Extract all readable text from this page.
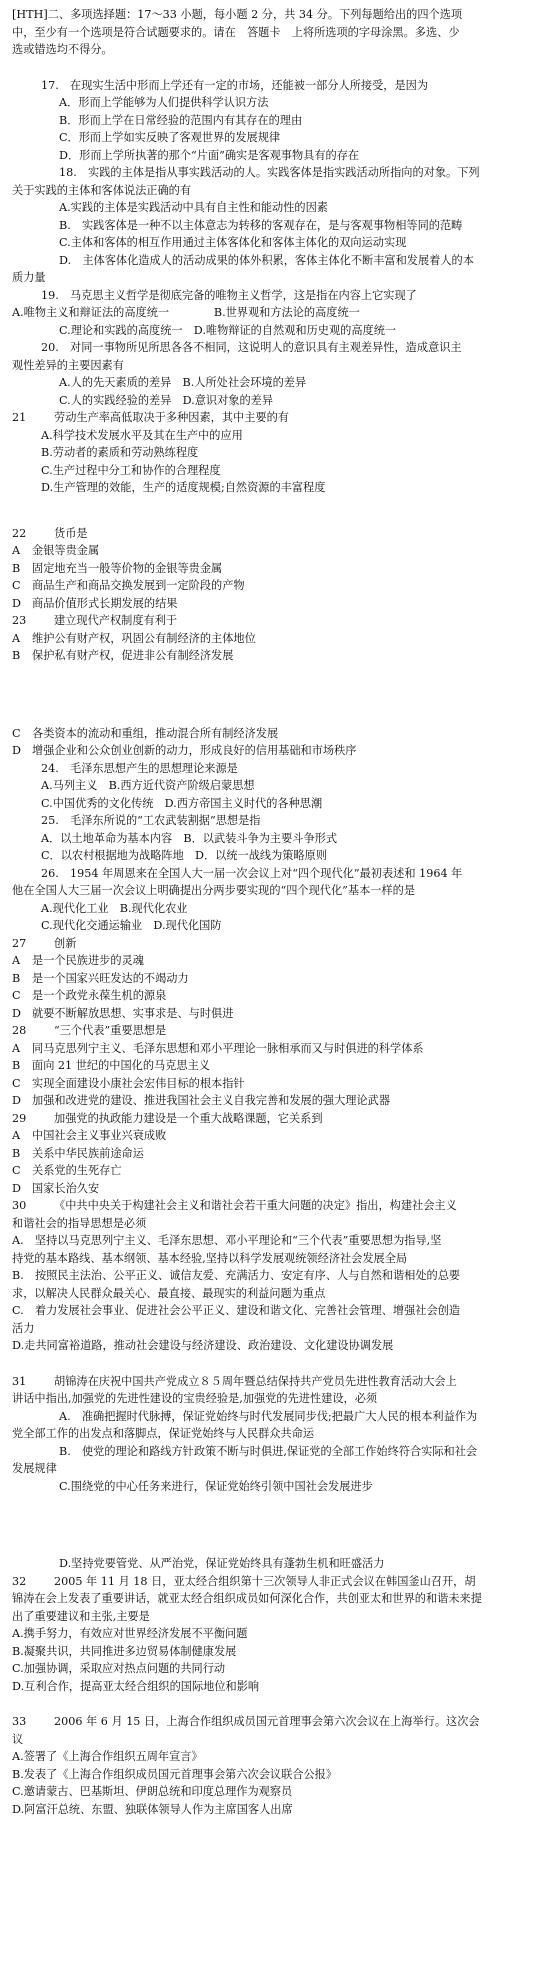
[HTH]二、多项选择题：17～33 小题，每小题 2 分，共 34 分。下列每题给出的四个选项
中，至少有一个选项是符合试题要求的。请在　答题卡　上将所选项的字母涂黑。多选、少
选或错选均不得分。
17.　 在现实生活中形而上学还有一定的市场，还能被一部分人所接受，是因为
A．形而上学能够为人们提供科学认识方法
B．形而上学在日常经验的范围内有其存在的理由
C．形而上学如实反映了客观世界的发展规律
D．形而上学所执著的那个“片面”确实是客观事物具有的存在
18.　 实践的主体是指从事实践活动的人。实践客体是指实践活动所指向的对象。下列
关于实践的主体和客体说法正确的有
A.实践的主体是实践活动中具有自主性和能动性的因素
B.　实践客体是一种不以主体意志为转移的客观存在，是与客观事物相等同的范畴
C.主体和客体的相互作用通过主体客体化和客体主体化的双向运动实现
D.　主体客体化造成人的活动成果的体外积累，客体主体化不断丰富和发展着人的本
质力量
19.　 马克思主义哲学是彻底完备的唯物主义哲学，这是指在内容上它实现了
A.唯物主义和辩证法的高度统一　　　　	B.世界观和方法论的高度统一
C.理论和实践的高度统一　 D.唯物辩证的自然观和历史观的高度统一
20.　 对同一事物所见所思各各不相同，这说明人的意识具有主观差异性，造成意识主
观性差异的主要因素有
A.人的先天素质的差异　 B.人所处社会环境的差异
C.人的实践经验的差异　 D.意识对象的差异
21 劳动生产率高低取决于多种因素，其中主要的有
A.科学技术发展水平及其在生产中的应用
B.劳动者的素质和劳动熟练程度
C.生产过程中分工和协作的合理程度
D.生产管理的效能，生产的适度规模;自然资源的丰富程度
22 货币是
A 金银等贵金属
B 固定地充当一般等价物的金银等贵金属
C 商品生产和商品交换发展到一定阶段的产物
D 商品价值形式长期发展的结果
23 建立现代产权制度有利于
A 维护公有财产权，巩固公有制经济的主体地位
B 保护私有财产权，促进非公有制经济发展
C 各类资本的流动和重组，推动混合所有制经济发展
D 增强企业和公众创业创新的动力，形成良好的信用基础和市场秩序
24.　 毛泽东思想产生的思想理论来源是
A.马列主义　 B.西方近代资产阶级启蒙思想
C.中国优秀的文化传统　 D.西方帝国主义时代的各种思潮
25.　 毛泽东所说的“工农武装割据”思想是指
A．以土地革命为基本内容　 B．以武装斗争为主要斗争形式
C．以农村根据地为战略阵地　 D．以统一战线为策略原则
26.　 1954 年周恩来在全国人大一届一次会议上对“四个现代化”最初表述和 1964 年
他在全国人大三届一次会议上明确提出分两步要实现的“四个现代化”基本一样的是
A.现代化工业　 B.现代化农业
C.现代化交通运输业　 D.现代化国防
27 创新
A 是一个民族进步的灵魂
B 是一个国家兴旺发达的不竭动力
C 是一个政党永葆生机的源泉
D 就要不断解放思想、实事求是、与时俱进
28 “三个代表”重要思想是
A 同马克思列宁主义、毛泽东思想和邓小平理论一脉相承而又与时俱进的科学体系
B 面向 21 世纪的中国化的马克思主义
C 实现全面建设小康社会宏伟目标的根本指针
D 加强和改进党的建设、推进我国社会主义自我完善和发展的强大理论武器
29 加强党的执政能力建设是一个重大战略课题，它关系到
A 中国社会主义事业兴衰成败
B 关系中华民族前途命运
C 关系党的生死存亡
D 国家长治久安
30 《中共中央关于构建社会主义和谐社会若干重大问题的决定》指出，构建社会主义
和谐社会的指导思想是必须
A.　坚持以马克思列宁主义、毛泽东思想、邓小平理论和“三个代表”重要思想为指导,坚
持党的基本路线、基本纲领、基本经验,坚持以科学发展观统领经济社会发展全局
B.　按照民主法治、公平正义、诚信友爱、充满活力、安定有序、人与自然和谐相处的总要
求，以解决人民群众最关心、最直接、最现实的利益问题为重点
C.　着力发展社会事业、促进社会公平正义、建设和谐文化、完善社会管理、增强社会创造
活力
D.走共同富裕道路，推动社会建设与经济建设、政治建设、文化建设协调发展
31 胡锦涛在庆祝中国共产党成立８５周年暨总结保持共产党员先进性教育活动大会上
讲话中指出,加强党的先进性建设的宝贵经验是,加强党的先进性建设，必须
A.　准确把握时代脉搏，保证党始终与时代发展同步伐;把最广大人民的根本利益作为
党全部工作的出发点和落脚点，保证党始终与人民群众共命运
B.　使党的理论和路线方针政策不断与时俱进,保证党的全部工作始终符合实际和社会
发展规律
C.围绕党的中心任务来进行，保证党始终引领中国社会发展进步
D.坚持党要管党、从严治党，保证党始终具有蓬勃生机和旺盛活力
32 2005 年 11 月 18 日，亚太经合组织第十三次领导人非正式会议在韩国釜山召开，胡
锦涛在会上发表了重要讲话，就亚太经合组织成员如何深化合作，共创亚太和世界的和谐未来提
出了重要建议和主张,主要是
A.携手努力，有效应对世界经济发展不平衡问题
B.凝聚共识，共同推进多边贸易体制健康发展
C.加强协调，采取应对热点问题的共同行动
D.互利合作，提高亚太经合组织的国际地位和影响
33 2006 年 6 月 15 日，上海合作组织成员国元首理事会第六次会议在上海举行。这次会
议
A.签署了《上海合作组织五周年宣言》
B.发表了《上海合作组织成员国元首理事会第六次会议联合公报》
C.邀请蒙古、巴基斯坦、伊朗总统和印度总理作为观察员
D.阿富汗总统、东盟、独联体领导人作为主席国客人出席
